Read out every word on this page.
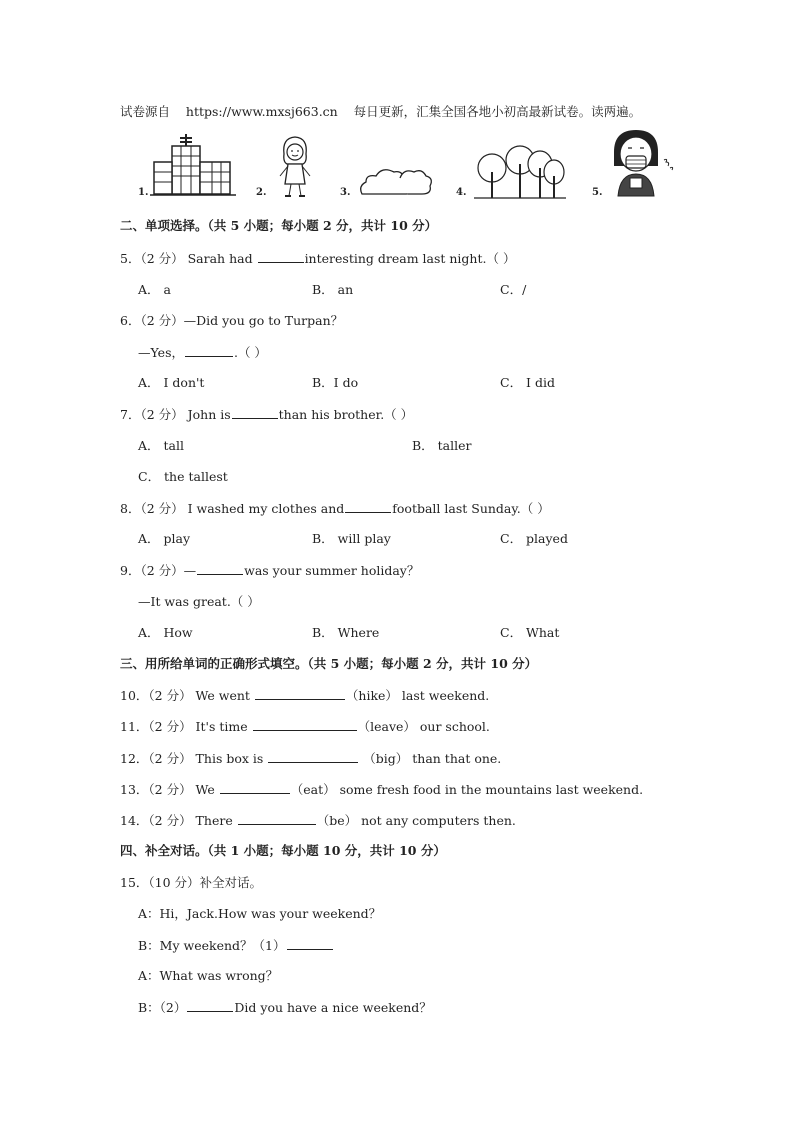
试卷源自 https://www.mxsj663.cn 每日更新，汇集全国各地小初高最新试卷。读两遍。
1.	2.	3.	4.	5.
二、单项选择。（共 5 小题；每小题 2 分，共计 10 分）
5．（2 分） Sarah had	interesting dream last night.（ ）
A． a	B． an	C．/
6．（2 分）—Did you go to Turpan？
—Yes，	.（ ）
A． I don't	B．I do	C． I did
7．（2 分） John is	than his brother.（ ）
A． tall	B． taller
C． the tallest
8．（2 分） I washed my clothes and	football last Sunday.（ ）
A． play	B． will play	C． played
9．（2 分）—	was your summer holiday？
—It was great.（ ）
A． How	B． Where	C． What
三、用所给单词的正确形式填空。（共 5 小题；每小题 2 分，共计 10 分）
10．（2 分） We went	（hike） last weekend.
11．（2 分） It's time	（leave） our school.
12．（2 分） This box is	（big） than that one.
13．（2 分） We	（eat） some fresh food in the mountains last weekend.
14．（2 分） There	（be） not any computers then.
四、补全对话。（共 1 小题；每小题 10 分，共计 10 分）
15．（10 分）补全对话。
A：Hi，Jack.How was your weekend？
B：My weekend？（1）
A：What was wrong？
B：（2）	Did you have a nice weekend？
